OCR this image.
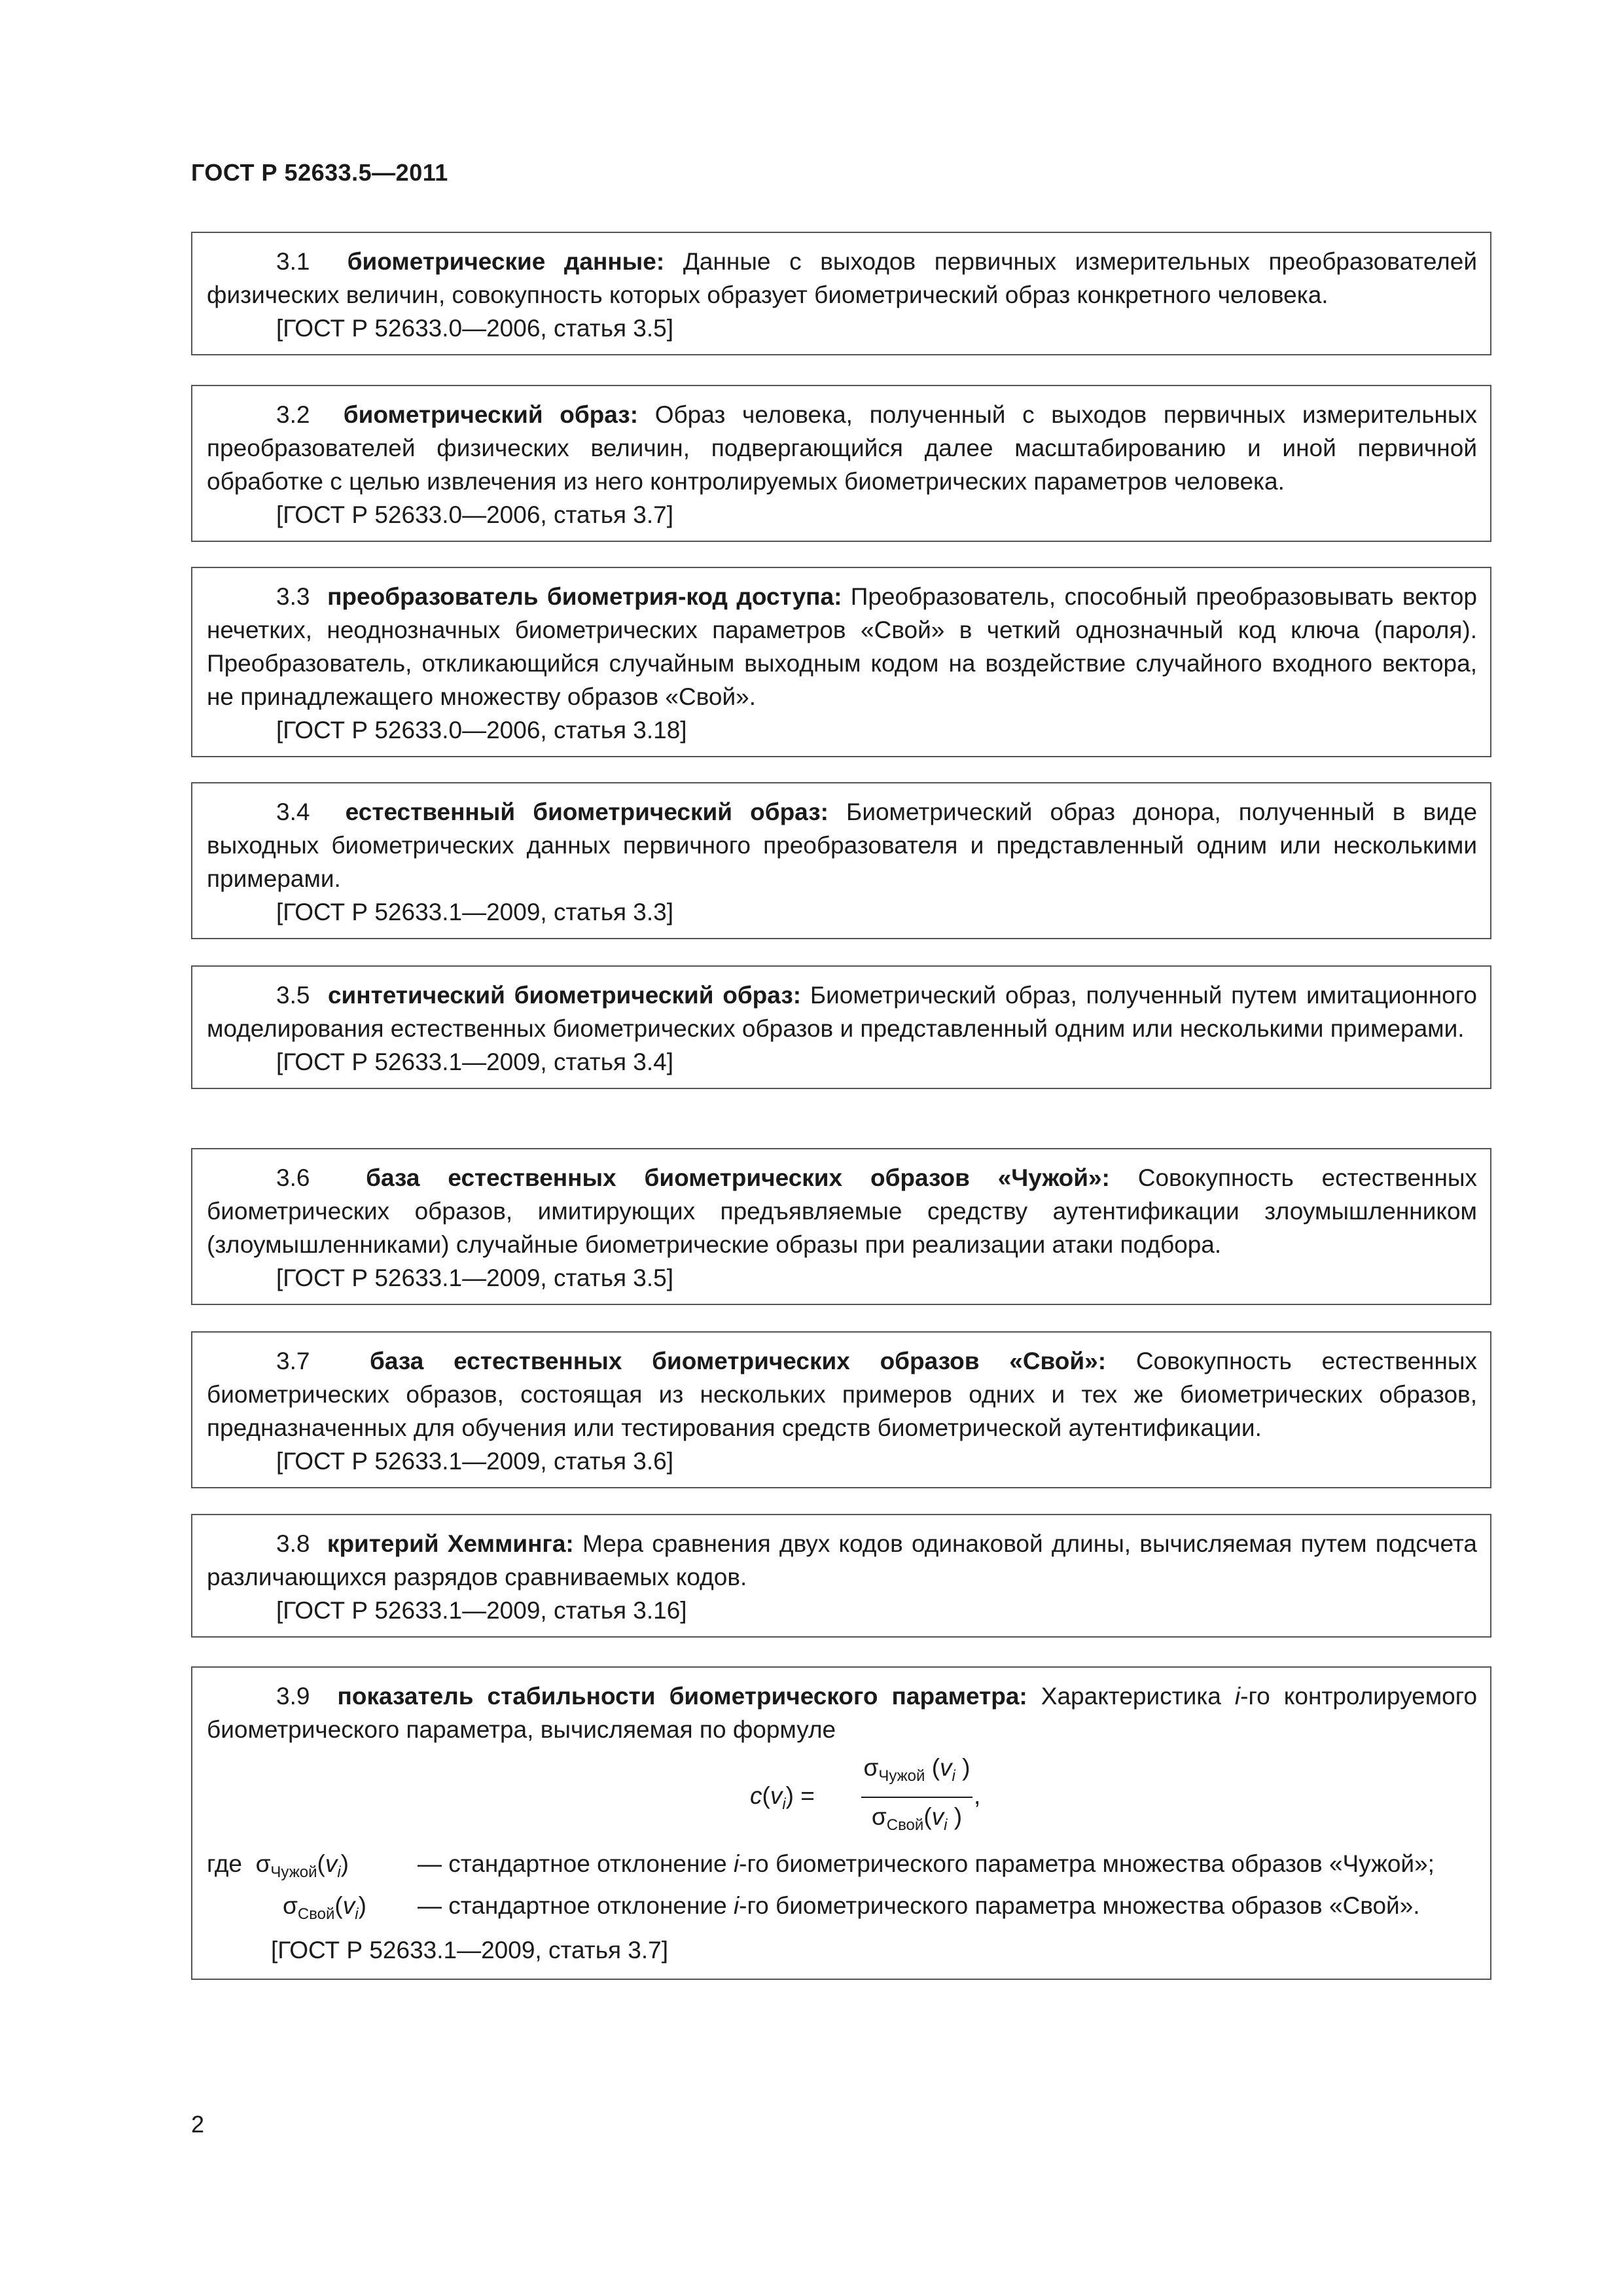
ГОСТ Р 52633.5—2011

3.1 биометрические данные: Данные с выходов первичных измерительных преобразователей физических величин, совокупность которых образует биометрический образ конкретного человека.

[ГОСТ Р 52633.0—2006, статья 3.5]

3.2 биометрический образ: Образ человека, полученный с выходов первичных измерительных преобразователей физических величин, подвергающийся далее масштабированию и иной первичной обработке с целью извлечения из него контролируемых биометрических параметров человека.

[ГОСТ Р 52633.0—2006, статья 3.7]

3.3 преобразователь биометрия-код доступа: Преобразователь, способный преобразовывать вектор нечетких, неоднозначных биометрических параметров «Свой» в четкий однозначный код ключа (пароля). Преобразователь, откликающийся случайным выходным кодом на воздействие случайного входного вектора, не принадлежащего множеству образов «Свой».

[ГОСТ Р 52633.0—2006, статья 3.18]

3.4 естественный биометрический образ: Биометрический образ донора, полученный в виде выходных биометрических данных первичного преобразователя и представленный одним или несколькими примерами.

[ГОСТ Р 52633.1—2009, статья 3.3]

3.5 синтетический биометрический образ: Биометрический образ, полученный путем имитационного моделирования естественных биометрических образов и представленный одним или несколькими примерами.

[ГОСТ Р 52633.1—2009, статья 3.4]

3.6 база естественных биометрических образов «Чужой»: Совокупность естественных биометрических образов, имитирующих предъявляемые средству аутентификации злоумышленником (злоумышленниками) случайные биометрические образы при реализации атаки подбора.

[ГОСТ Р 52633.1—2009, статья 3.5]

3.7 база естественных биометрических образов «Свой»: Совокупность естественных биометрических образов, состоящая из нескольких примеров одних и тех же биометрических образов, предназначенных для обучения или тестирования средств биометрической аутентификации.

[ГОСТ Р 52633.1—2009, статья 3.6]

3.8 критерий Хемминга: Мера сравнения двух кодов одинаковой длины, вычисляемая путем подсчета различающихся разрядов сравниваемых кодов.

[ГОСТ Р 52633.1—2009, статья 3.16]

3.9 показатель стабильности биометрического параметра: Характеристика i-го контролируемого биометрического параметра, вычисляемая по формуле

$c(v_i)$ =
$\sigma_{Чужой}$ ($v_i$ )
$\sigma_{Свой}(v_i$ )
,
где $\sigma_{Чужой}(v_i)$	— стандартное отклонение i-го биометрического параметра множества образов «Чужой»;
$\sigma_{Свой}(v_i)$	— стандартное отклонение i-го биометрического параметра множества образов «Свой».

[ГОСТ Р 52633.1—2009, статья 3.7]

2
